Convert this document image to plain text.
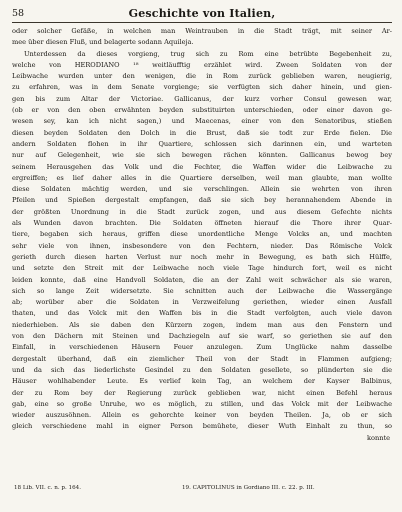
58	Geschichte von Italien,
oder solcher Gefäße, in welchen man Weintrauben in die Stadt trägt, mit seiner Ar-
mee über diesen Fluß, und belagerte sodann Aquileja.
Unterdessen da dieses vorgieng, trug sich zu Rom eine betrübte Begebenheit zu,
welche von HERODIANO ¹⁸ weitläufftig erzählet wird. Zween Soldaten von der
Leibwache wurden unter den wenigen, die in Rom zurück geblieben waren, neugierig,
zu erfahren, was in dem Senate vorgienge; sie verfügten sich daher hinein, und gien-
gen bis zum Altar der Victoriae. Gallicanus, der kurz vorher Consul gewesen war,
(ob er von den oben erwähnten beyden substituirten unterschieden, oder einer davon ge-
wesen sey, kan ich nicht sagen,) und Maecenas, einer von den Senatoribus, stießen
diesen beyden Soldaten den Dolch in die Brust, daß sie todt zur Erde fielen. Die
andern Soldaten flohen in ihr Quartiere, schlossen sich darinnen ein, und warteten
nur auf Gelegenheit, wie sie sich bewegen rächen könnten. Gallicanus bewog bey
seinem Herausgehen das Volk und die Fechter, die Waffen wider die Leibwache zu
ergreiffen; es lief daher alles in die Quartiere derselben, weil man glaubte, man wollte
diese Soldaten mächtig werden, und sie verschlingen. Allein sie wehrten von ihren
Pfeilen und Spießen dergestalt empfangen, daß sie sich bey herannahendem Abende in
der größten Unordnung in die Stadt zurück zogen, und aus diesem Gefechte nichts
als Wunden davon brachten. Die Soldaten öffneten hierauf die Thore ihrer Quar-
tiere, begaben sich heraus, griffen diese unordentliche Menge Volcks an, und machten
sehr viele von ihnen, insbesondere von den Fechtern, nieder. Das Römische Volck
gerieth durch diesen harten Verlust nur noch mehr in Bewegung, es bath sich Hülffe,
und setzte den Streit mit der Leibwache noch viele Tage hindurch fort, weil es nicht
leiden konnte, daß eine Handvoll Soldaten, die an der Zahl weit schwächer als sie waren,
sich so lange Zeit widersetzte. Sie schnitten auch der Leibwache die Wassergänge
ab; worüber aber die Soldaten in Verzweifelung geriethen, wieder einen Ausfall
thaten, und das Volck mit den Waffen bis in die Stadt verfolgten, auch viele davon
niederhieben. Als sie daben den Kürzern zogen, indem man aus den Fenstern und
von den Dächern mit Steinen und Dachziegeln auf sie warf, so geriethen sie auf den
Einfall, in verschiedenen Häusern Feuer anzulegen. Zum Unglücke nahm dasselbe
dergestalt überhand, daß ein ziemlicher Theil von der Stadt in Flammen aufgieng;
und da sich das liederlichste Gesindel zu den Soldaten gesellete, so plünderten sie die
Häuser wohlhabender Leute. Es verlief kein Tag, an welchem der Kayser Balbinus,
der zu Rom bey der Regierung zurück geblieben war, nicht einen Befehl heraus
gab, eine so große Unruhe, wo es möglich, zu stillen, und das Volck mit der Leibwache
wieder auszusöhnen. Allein es gehorchte keiner von beyden Theilen. Ja, ob er sich
gleich verschiedene mahl in eigner Person bemühete, dieser Wuth Einhalt zu thun, so
konnte
18 Lib. VII. c. n. p. 164.	19. CAPITOLINUS in Gordiano III. c. 22. p. III.
